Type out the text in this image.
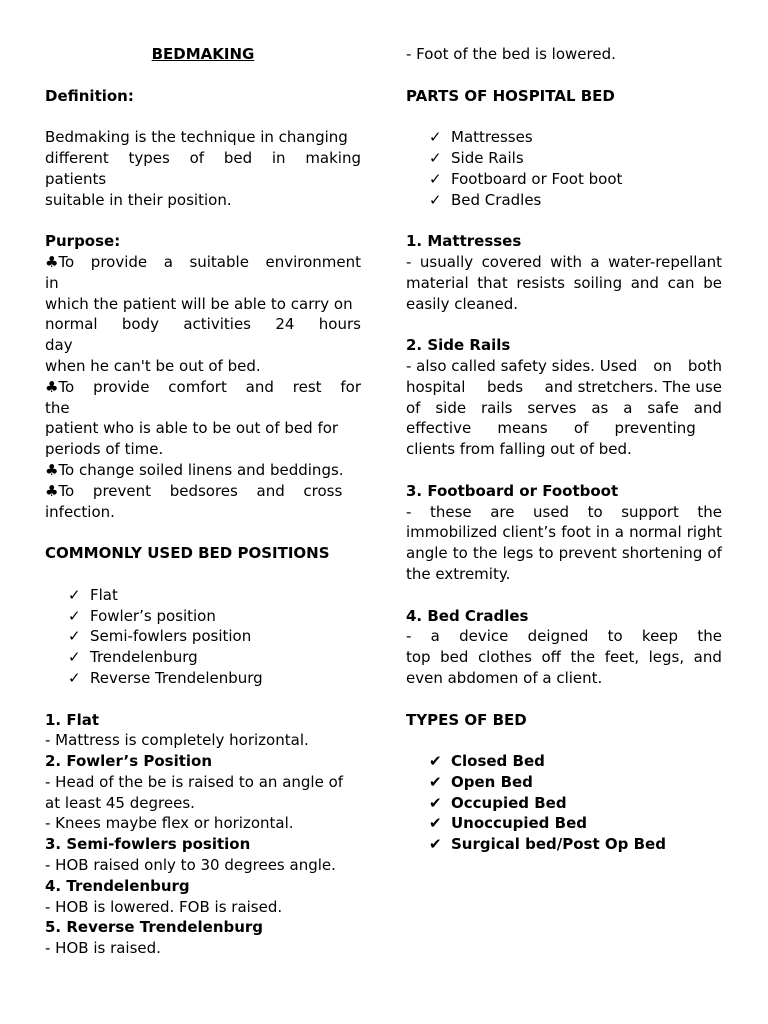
BEDMAKING
Definition:
Bedmaking is the technique in changing
different types of bed in making
patients
suitable in their position.
Purpose:
♣To provide a suitable environment
in
which the patient will be able to carry on
normal body activities 24 hours
day
when he can't be out of bed.
♣To provide comfort and rest for
the
patient who is able to be out of bed for
periods of time.
♣To change soiled linens and beddings.
♣To prevent bedsores and cross
infection.
COMMONLY USED BED POSITIONS
✓ Flat
✓ Fowler’s position
✓ Semi-fowlers position
✓ Trendelenburg
✓ Reverse Trendelenburg
1. Flat
- Mattress is completely horizontal.
2. Fowler’s Position
- Head of the be is raised to an angle of
at least 45 degrees.
- Knees maybe flex or horizontal.
3. Semi-fowlers position
- HOB raised only to 30 degrees angle.
4. Trendelenburg
- HOB is lowered. FOB is raised.
5. Reverse Trendelenburg
- HOB is raised.
- Foot of the bed is lowered.
PARTS OF HOSPITAL BED
✓ Mattresses
✓ Side Rails
✓ Footboard or Foot boot
✓ Bed Cradles
1. Mattresses
- usually covered with a water-repellant
material that resists soiling and can be
easily cleaned.
2. Side Rails
- also called safety sides. Used on both
hospital beds and stretchers. The use
of side rails serves as a safe and
effective means of preventing
clients from falling out of bed.
3. Footboard or Footboot
- these are used to support the
immobilized client’s foot in a normal right
angle to the legs to prevent shortening of
the extremity.
4. Bed Cradles
- a device deigned to keep the
top bed clothes off the feet, legs, and
even abdomen of a client.
TYPES OF BED
✔ Closed Bed
✔ Open Bed
✔ Occupied Bed
✔ Unoccupied Bed
✔ Surgical bed/Post Op Bed
